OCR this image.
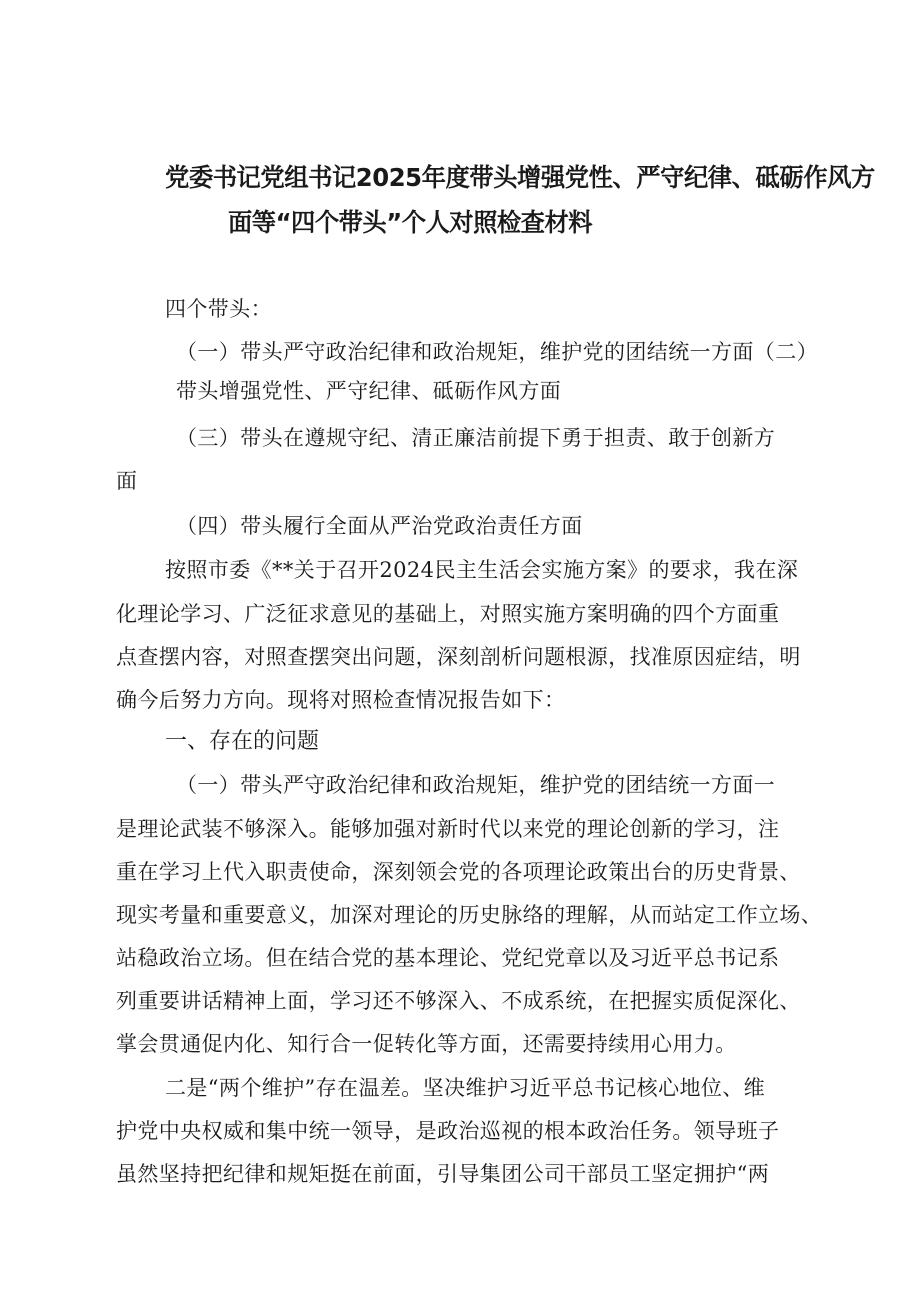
党委书记党组书记2025年度带头增强党性、严守纪律、砥砺作风方
面等“四个带头”个人对照检查材料
四个带头：
（一）带头严守政治纪律和政治规矩，维护党的团结统一方面（二）
带头增强党性、严守纪律、砥砺作风方面
（三）带头在遵规守纪、清正廉洁前提下勇于担责、敢于创新方
面
（四）带头履行全面从严治党政治责任方面
按照市委《**关于召开2024民主生活会实施方案》的要求，我在深
化理论学习、广泛征求意见的基础上，对照实施方案明确的四个方面重
点查摆内容，对照查摆突出问题，深刻剖析问题根源，找准原因症结，明
确今后努力方向。现将对照检查情况报告如下：
一、存在的问题
（一）带头严守政治纪律和政治规矩，维护党的团结统一方面一
是理论武装不够深入。能够加强对新时代以来党的理论创新的学习，注
重在学习上代入职责使命，深刻领会党的各项理论政策出台的历史背景、
现实考量和重要意义，加深对理论的历史脉络的理解，从而站定工作立场、
站稳政治立场。但在结合党的基本理论、党纪党章以及习近平总书记系
列重要讲话精神上面，学习还不够深入、不成系统，在把握实质促深化、
掌会贯通促内化、知行合一促转化等方面，还需要持续用心用力。
二是“两个维护”存在温差。坚决维护习近平总书记核心地位、维
护党中央权威和集中统一领导，是政治巡视的根本政治任务。领导班子
虽然坚持把纪律和规矩挺在前面，引导集团公司干部员工坚定拥护“两
